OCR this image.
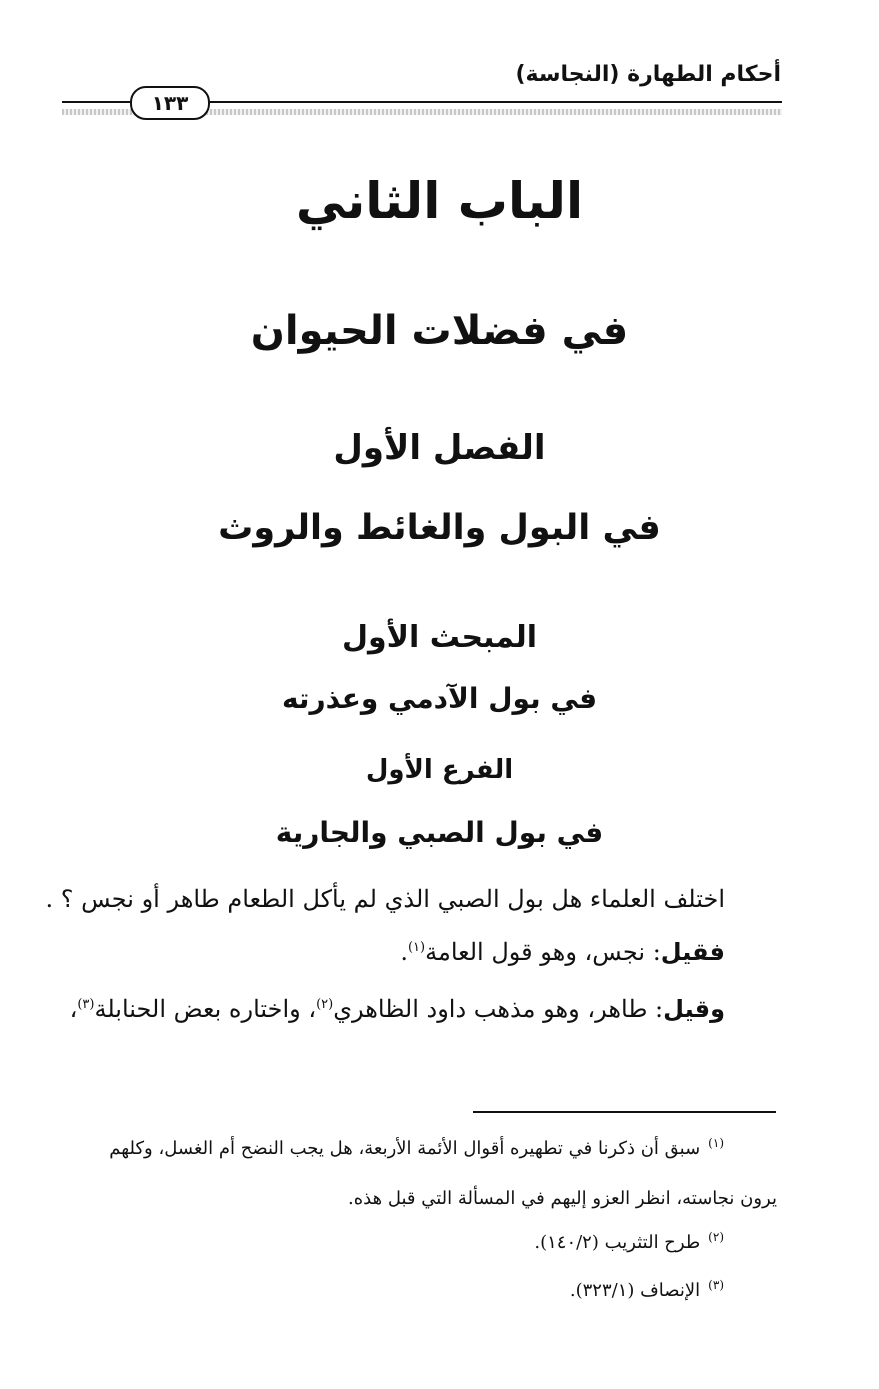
أحكام الطهارة (النجاسة)
١٣٣
الباب الثاني
في فضلات الحيوان
الفصل الأول
في البول والغائط والروث
المبحث الأول
في بول الآدمي وعذرته
الفرع الأول
في بول الصبي والجارية
اختلف العلماء هل بول الصبي الذي لم يأكل الطعام طاهر أو نجس ؟ .
فقيل: نجس، وهو قول العامة$^{(١)}$.
وقيل: طاهر، وهو مذهب داود الظاهري$^{(٢)}$، واختاره بعض الحنابلة$^{(٣)}$،
$^{(١)}$سبق أن ذكرنا في تطهيره أقوال الأئمة الأربعة، هل يجب النضح أم الغسل، وكلهم
يرون نجاسته، انظر العزو إليهم في المسألة التي قبل هذه.
$^{(٢)}$طرح التثريب (١٤٠/٢).
$^{(٣)}$الإنصاف (٣٢٣/١).
